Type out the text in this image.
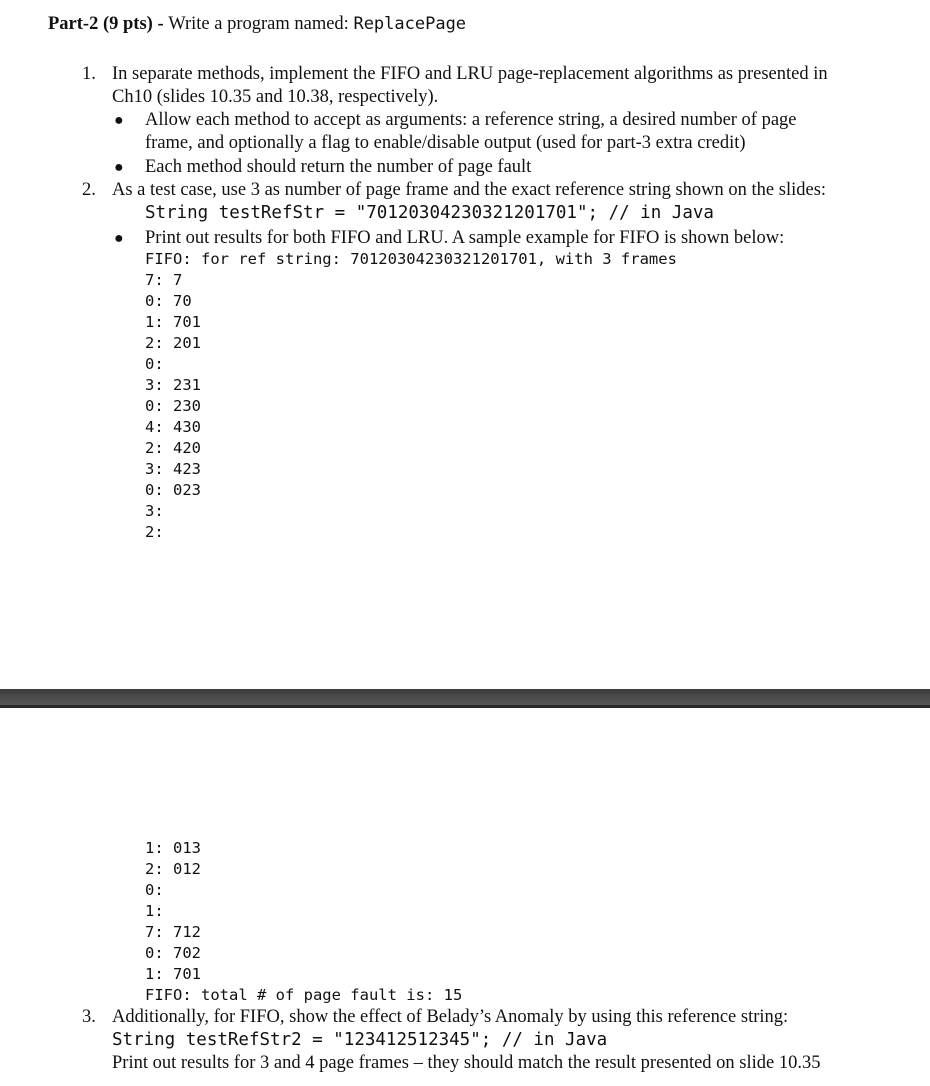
Part-2 (9 pts) - Write a program named: ReplacePage
1. In separate methods, implement the FIFO and LRU page-replacement algorithms as presented in
Ch10 (slides 10.35 and 10.38, respectively).
● Allow each method to accept as arguments: a reference string, a desired number of page
frame, and optionally a flag to enable/disable output (used for part-3 extra credit)
● Each method should return the number of page fault
2. As a test case, use 3 as number of page frame and the exact reference string shown on the slides:
String testRefStr = "70120304230321201701"; // in Java
● Print out results for both FIFO and LRU. A sample example for FIFO is shown below:
FIFO: for ref string: 70120304230321201701, with 3 frames
7: 7
0: 70
1: 701
2: 201
0:
3: 231
0: 230
4: 430
2: 420
3: 423
0: 023
3:
2:
1: 013
2: 012
0:
1:
7: 712
0: 702
1: 701
FIFO: total # of page fault is: 15
3. Additionally, for FIFO, show the effect of Belady’s Anomaly by using this reference string:
String testRefStr2 = "123412512345"; // in Java
Print out results for 3 and 4 page frames – they should match the result presented on slide 10.35
